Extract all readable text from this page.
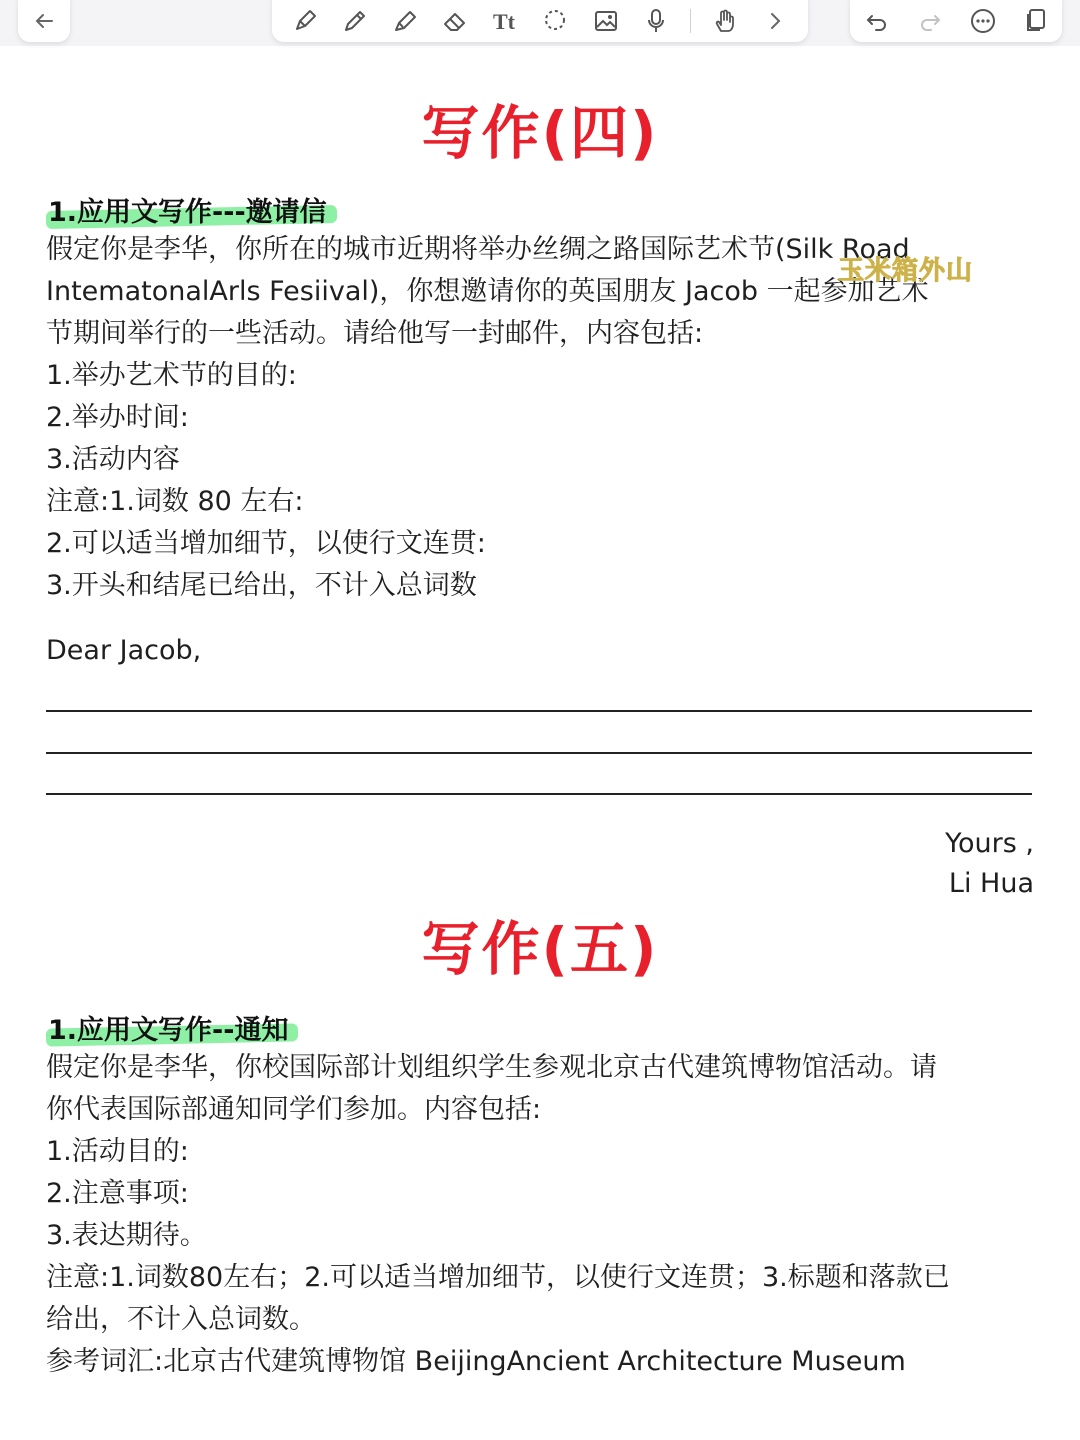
Tt
写作(四)
1.应用文写作---邀请信
假定你是李华，你所在的城市近期将举办丝绸之路国际艺术节(Silk Road
IntematonalArls Fesiival)，你想邀请你的英国朋友 Jacob 一起参加艺术
节期间举行的一些活动。请给他写一封邮件，内容包括:
1.举办艺术节的目的:
2.举办时间:
3.活动内容
注意:1.词数 80 左右:
2.可以适当增加细节，以使行文连贯:
3.开头和结尾已给出，不计入总词数
玉米箱外山
Dear Jacob,
Yours ,
Li Hua
写作(五)
1.应用文写作--通知
假定你是李华，你校国际部计划组织学生参观北京古代建筑博物馆活动。请
你代表国际部通知同学们参加。内容包括:
1.活动目的:
2.注意事项:
3.表达期待。
注意:1.词数80左右；2.可以适当增加细节，以使行文连贯；3.标题和落款已
给出，不计入总词数。
参考词汇:北京古代建筑博物馆 BeijingAncient Architecture Museum
